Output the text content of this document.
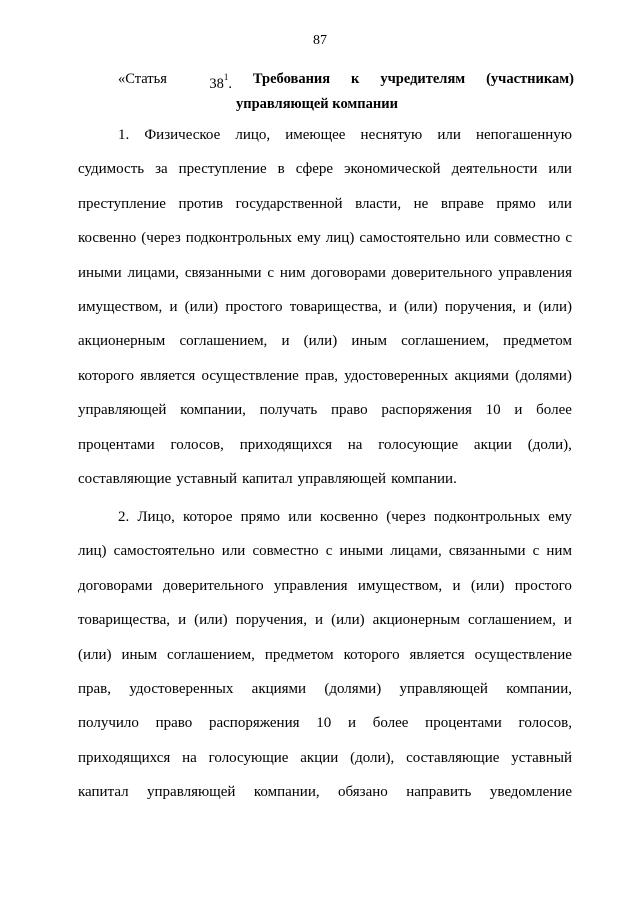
87
«Статья	$38^1$. Требования к учредителям (участникам)
управляющей компании
1. Физическое лицо, имеющее неснятую или непогашенную
судимость за преступление в сфере экономической деятельности или
преступление против государственной власти, не вправе прямо или
косвенно (через подконтрольных ему лиц) самостоятельно или совместно с
иными лицами, связанными с ним договорами доверительного управления
имуществом, и (или) простого товарищества, и (или) поручения, и (или)
акционерным соглашением, и (или) иным соглашением, предметом
которого является осуществление прав, удостоверенных акциями (долями)
управляющей компании, получать право распоряжения 10 и более
процентами голосов, приходящихся на голосующие акции (доли),
составляющие уставный капитал управляющей компании.
2. Лицо, которое прямо или косвенно (через подконтрольных ему
лиц) самостоятельно или совместно с иными лицами, связанными с ним
договорами доверительного управления имуществом, и (или) простого
товарищества, и (или) поручения, и (или) акционерным соглашением, и
(или) иным соглашением, предметом которого является осуществление
прав, удостоверенных акциями (долями) управляющей компании,
получило право распоряжения 10 и более процентами голосов,
приходящихся на голосующие акции (доли), составляющие уставный
капитал управляющей компании, обязано направить уведомление
